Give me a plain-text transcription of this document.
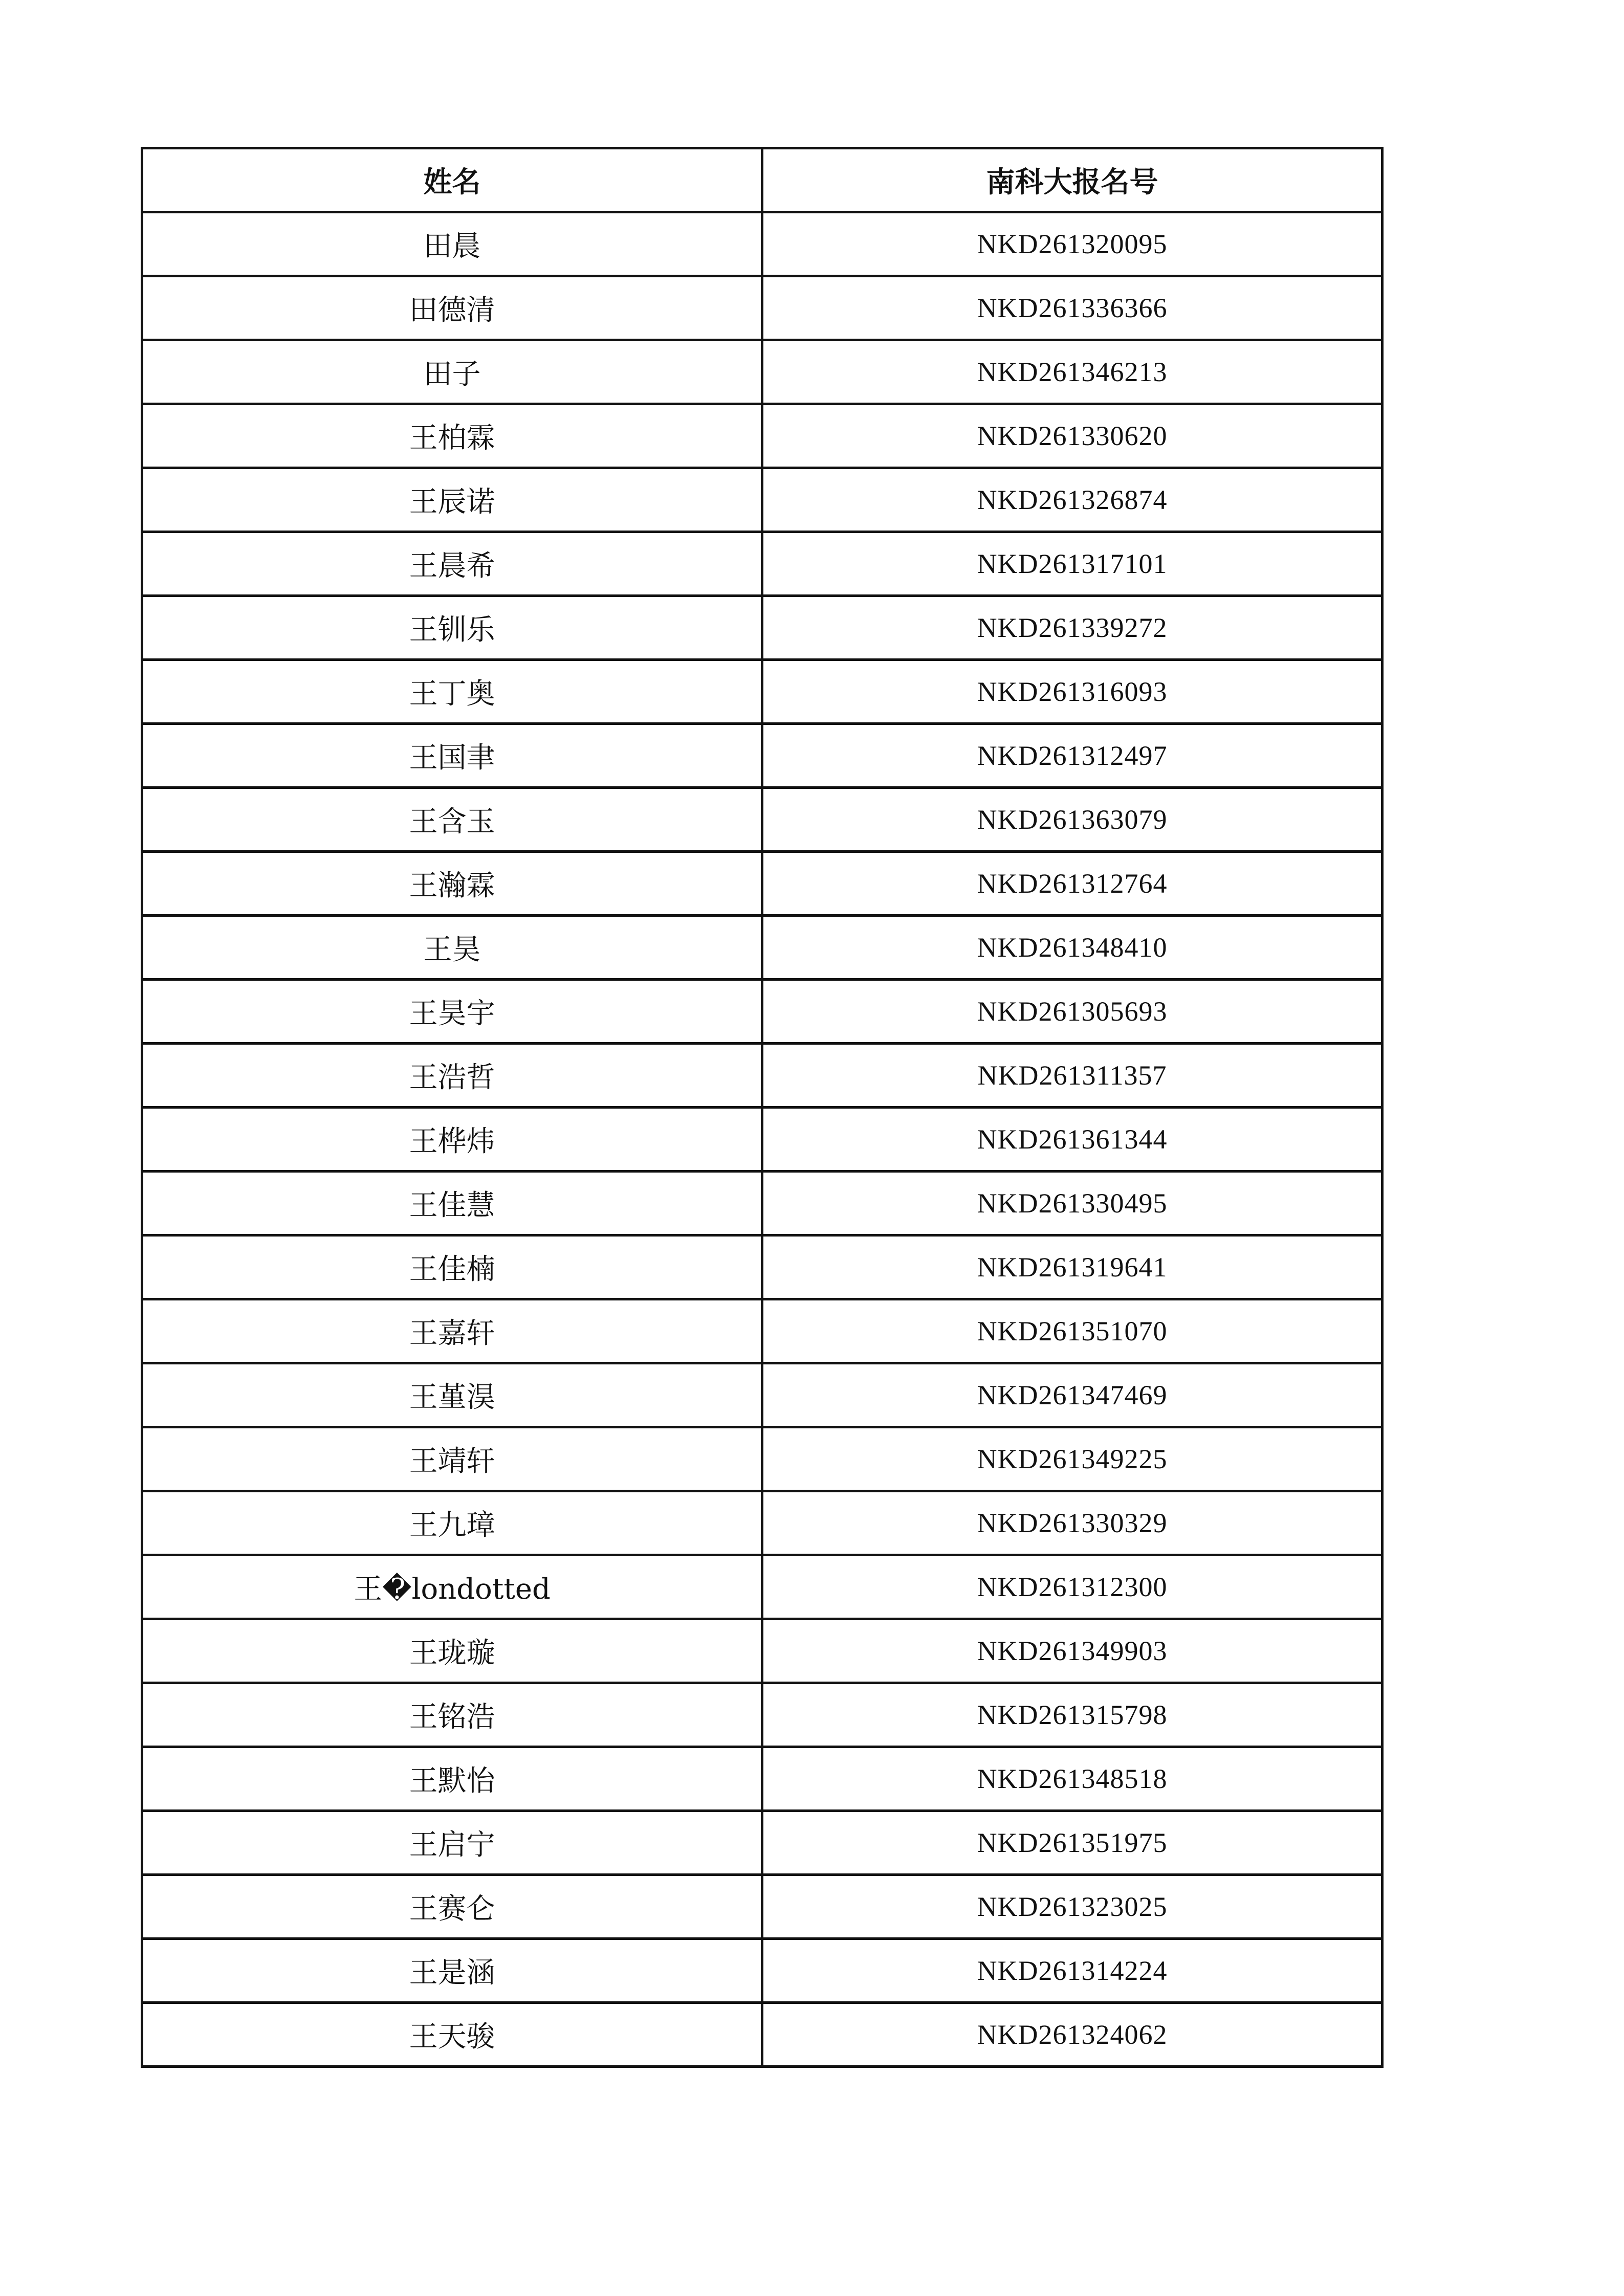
姓名	南科大报名号
田晨	NKD261320095
田德清	NKD261336366
田子	NKD261346213
王柏霖	NKD261330620
王辰诺	NKD261326874
王晨希	NKD261317101
王钏乐	NKD261339272
王丁奥	NKD261316093
王国聿	NKD261312497
王含玉	NKD261363079
王瀚霖	NKD261312764
王昊	NKD261348410
王昊宇	NKD261305693
王浩哲	NKD261311357
王桦炜	NKD261361344
王佳慧	NKD261330495
王佳楠	NKD261319641
王嘉轩	NKD261351070
王堇淏	NKD261347469
王靖轩	NKD261349225
王九璋	NKD261330329
王�londotted	NKD261312300
王珑璇	NKD261349903
王铭浩	NKD261315798
王默怡	NKD261348518
王启宁	NKD261351975
王赛仑	NKD261323025
王是涵	NKD261314224
王天骏	NKD261324062
